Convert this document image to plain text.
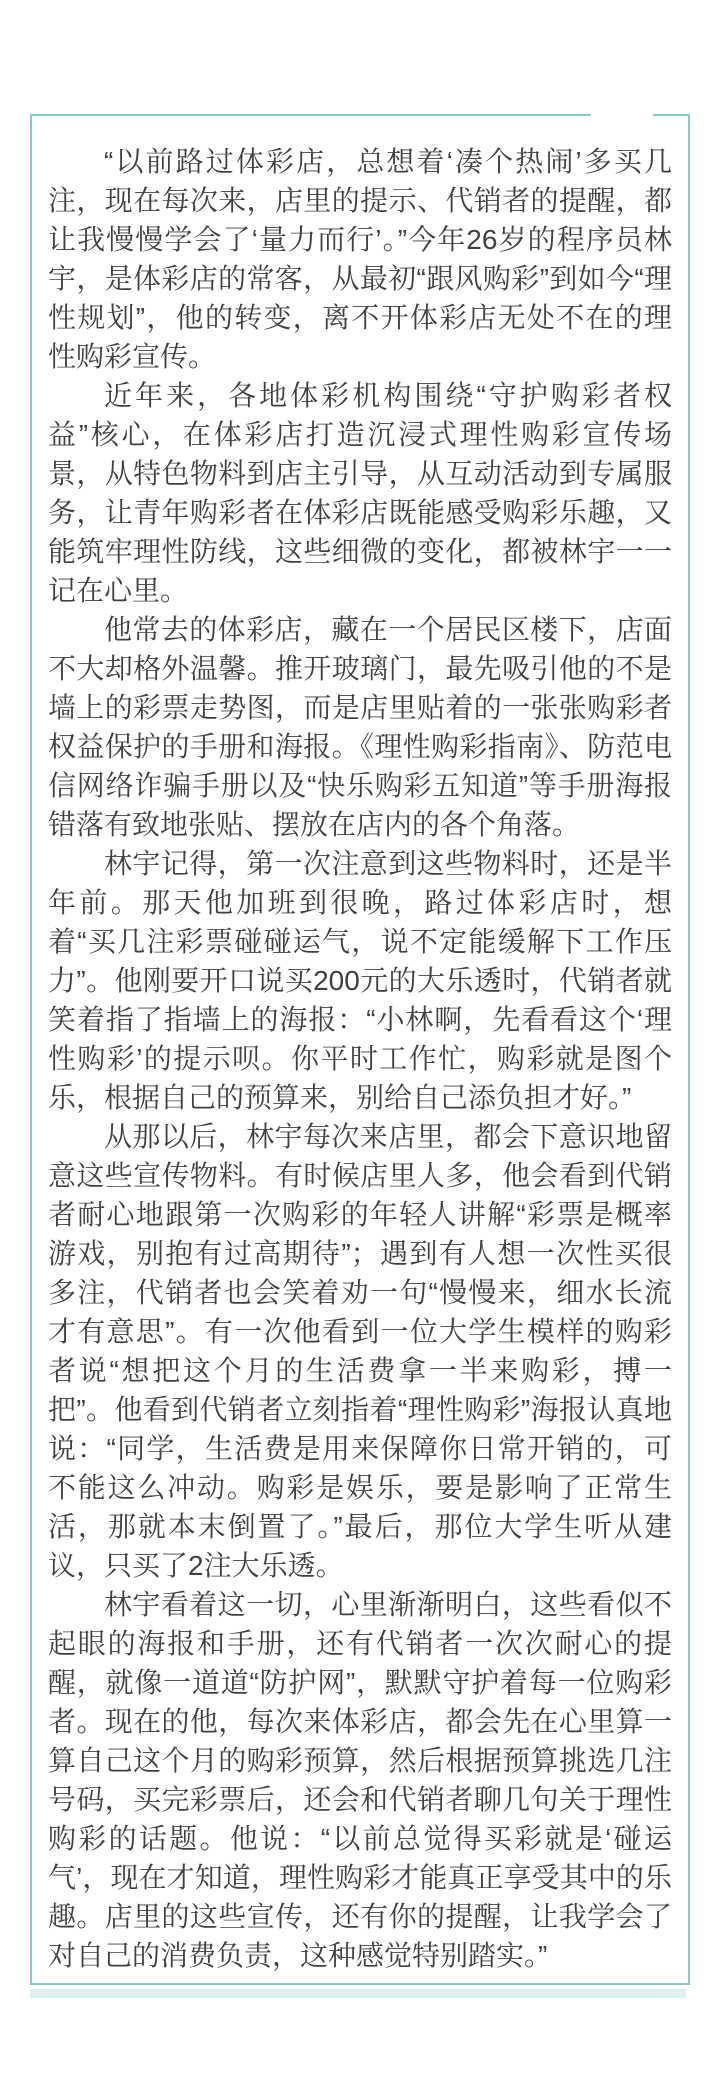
“以前路过体彩店，总想着‘凑个热闹’多买几注，现在每次来，店里的提示、代销者的提醒，都让我慢慢学会了‘量力而行’。”今年26岁的程序员林宇，是体彩店的常客，从最初“跟风购彩”到如今“理性规划”，他的转变，离不开体彩店无处不在的理性购彩宣传。

近年来，各地体彩机构围绕“守护购彩者权益”核心，在体彩店打造沉浸式理性购彩宣传场景，从特色物料到店主引导，从互动活动到专属服务，让青年购彩者在体彩店既能感受购彩乐趣，又能筑牢理性防线，这些细微的变化，都被林宇一一记在心里。

他常去的体彩店，藏在一个居民区楼下，店面不大却格外温馨。推开玻璃门，最先吸引他的不是墙上的彩票走势图，而是店里贴着的一张张购彩者权益保护的手册和海报。《理性购彩指南》、防范电信网络诈骗手册以及“快乐购彩五知道”等手册海报错落有致地张贴、摆放在店内的各个角落。

林宇记得，第一次注意到这些物料时，还是半年前。那天他加班到很晚，路过体彩店时，想着“买几注彩票碰碰运气，说不定能缓解下工作压力”。他刚要开口说买200元的大乐透时，代销者就笑着指了指墙上的海报：“小林啊，先看看这个‘理性购彩’的提示呗。你平时工作忙，购彩就是图个乐，根据自己的预算来，别给自己添负担才好。”

从那以后，林宇每次来店里，都会下意识地留意这些宣传物料。有时候店里人多，他会看到代销者耐心地跟第一次购彩的年轻人讲解“彩票是概率游戏，别抱有过高期待”；遇到有人想一次性买很多注，代销者也会笑着劝一句“慢慢来，细水长流才有意思”。有一次他看到一位大学生模样的购彩者说“想把这个月的生活费拿一半来购彩，搏一把”。他看到代销者立刻指着“理性购彩”海报认真地说：“同学，生活费是用来保障你日常开销的，可不能这么冲动。购彩是娱乐，要是影响了正常生活，那就本末倒置了。”最后，那位大学生听从建议，只买了2注大乐透。

林宇看着这一切，心里渐渐明白，这些看似不起眼的海报和手册，还有代销者一次次耐心的提醒，就像一道道“防护网”，默默守护着每一位购彩者。现在的他，每次来体彩店，都会先在心里算一算自己这个月的购彩预算，然后根据预算挑选几注号码，买完彩票后，还会和代销者聊几句关于理性购彩的话题。他说：“以前总觉得买彩就是‘碰运气’，现在才知道，理性购彩才能真正享受其中的乐趣。店里的这些宣传，还有你的提醒，让我学会了对自己的消费负责，这种感觉特别踏实。”
